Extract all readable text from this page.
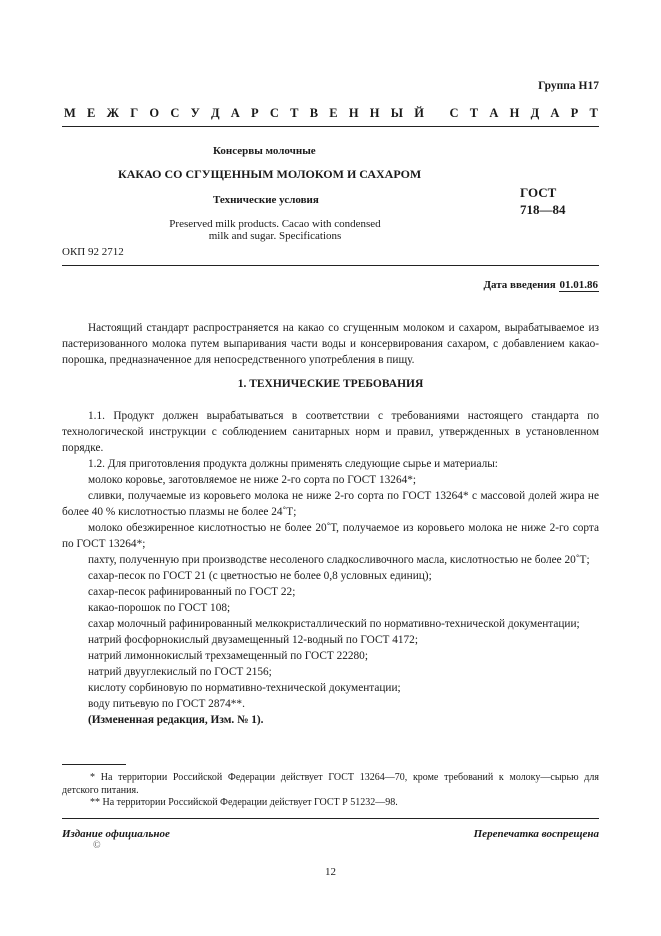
Группа Н17
М Е Ж Г О С У Д А Р С Т В Е Н Н Ы Й
С Т А Н Д А Р Т
Консервы молочные
КАКАО СО СГУЩЕННЫМ МОЛОКОМ И САХАРОМ
Технические условия	ГОСТ
718—84
Preserved milk products. Cacao with condensed
milk and sugar. Specifications
ОКП 92 2712
Дата введения 01.01.86

Настоящий стандарт распространяется на какао со сгущенным молоком и сахаром, вырабатываемое из пастеризованного молока путем выпаривания части воды и консервирования сахаром, с добавлением какао-порошка, предназначенное для непосредственного употребления в пищу.

1. ТЕХНИЧЕСКИЕ ТРЕБОВАНИЯ

1.1. Продукт должен вырабатываться в соответствии с требованиями настоящего стандарта по технологической инструкции с соблюдением санитарных норм и правил, утвержденных в установленном порядке.

1.2. Для приготовления продукта должны применять следующие сырье и материалы:

молоко коровье, заготовляемое не ниже 2-го сорта по ГОСТ 13264*;

сливки, получаемые из коровьего молока не ниже 2-го сорта по ГОСТ 13264* с массовой долей жира не более 40 % кислотностью плазмы не более 24˚Т;

молоко обезжиренное кислотностью не более 20˚Т, получаемое из коровьего молока не ниже 2-го сорта по ГОСТ 13264*;

пахту, полученную при производстве несоленого сладкосливочного масла, кислотностью не более 20˚Т;

сахар-песок по ГОСТ 21 (с цветностью не более 0,8 условных единиц);

сахар-песок рафинированный по ГОСТ 22;

какао-порошок по ГОСТ 108;

сахар молочный рафинированный мелкокристаллический по нормативно-технической документации;

натрий фосфорнокислый двузамещенный 12-водный по ГОСТ 4172;

натрий лимоннокислый трехзамещенный по ГОСТ 22280;

натрий двууглекислый по ГОСТ 2156;

кислоту сорбиновую по нормативно-технической документации;

воду питьевую по ГОСТ 2874**.

(Измененная редакция, Изм. № 1).

* На территории Российской Федерации действует ГОСТ 13264—70, кроме требований к молоку—сырью для детского питания.

** На территории Российской Федерации действует ГОСТ Р 51232—98.

Издание официальное	Перепечатка воспрещена
©
12
